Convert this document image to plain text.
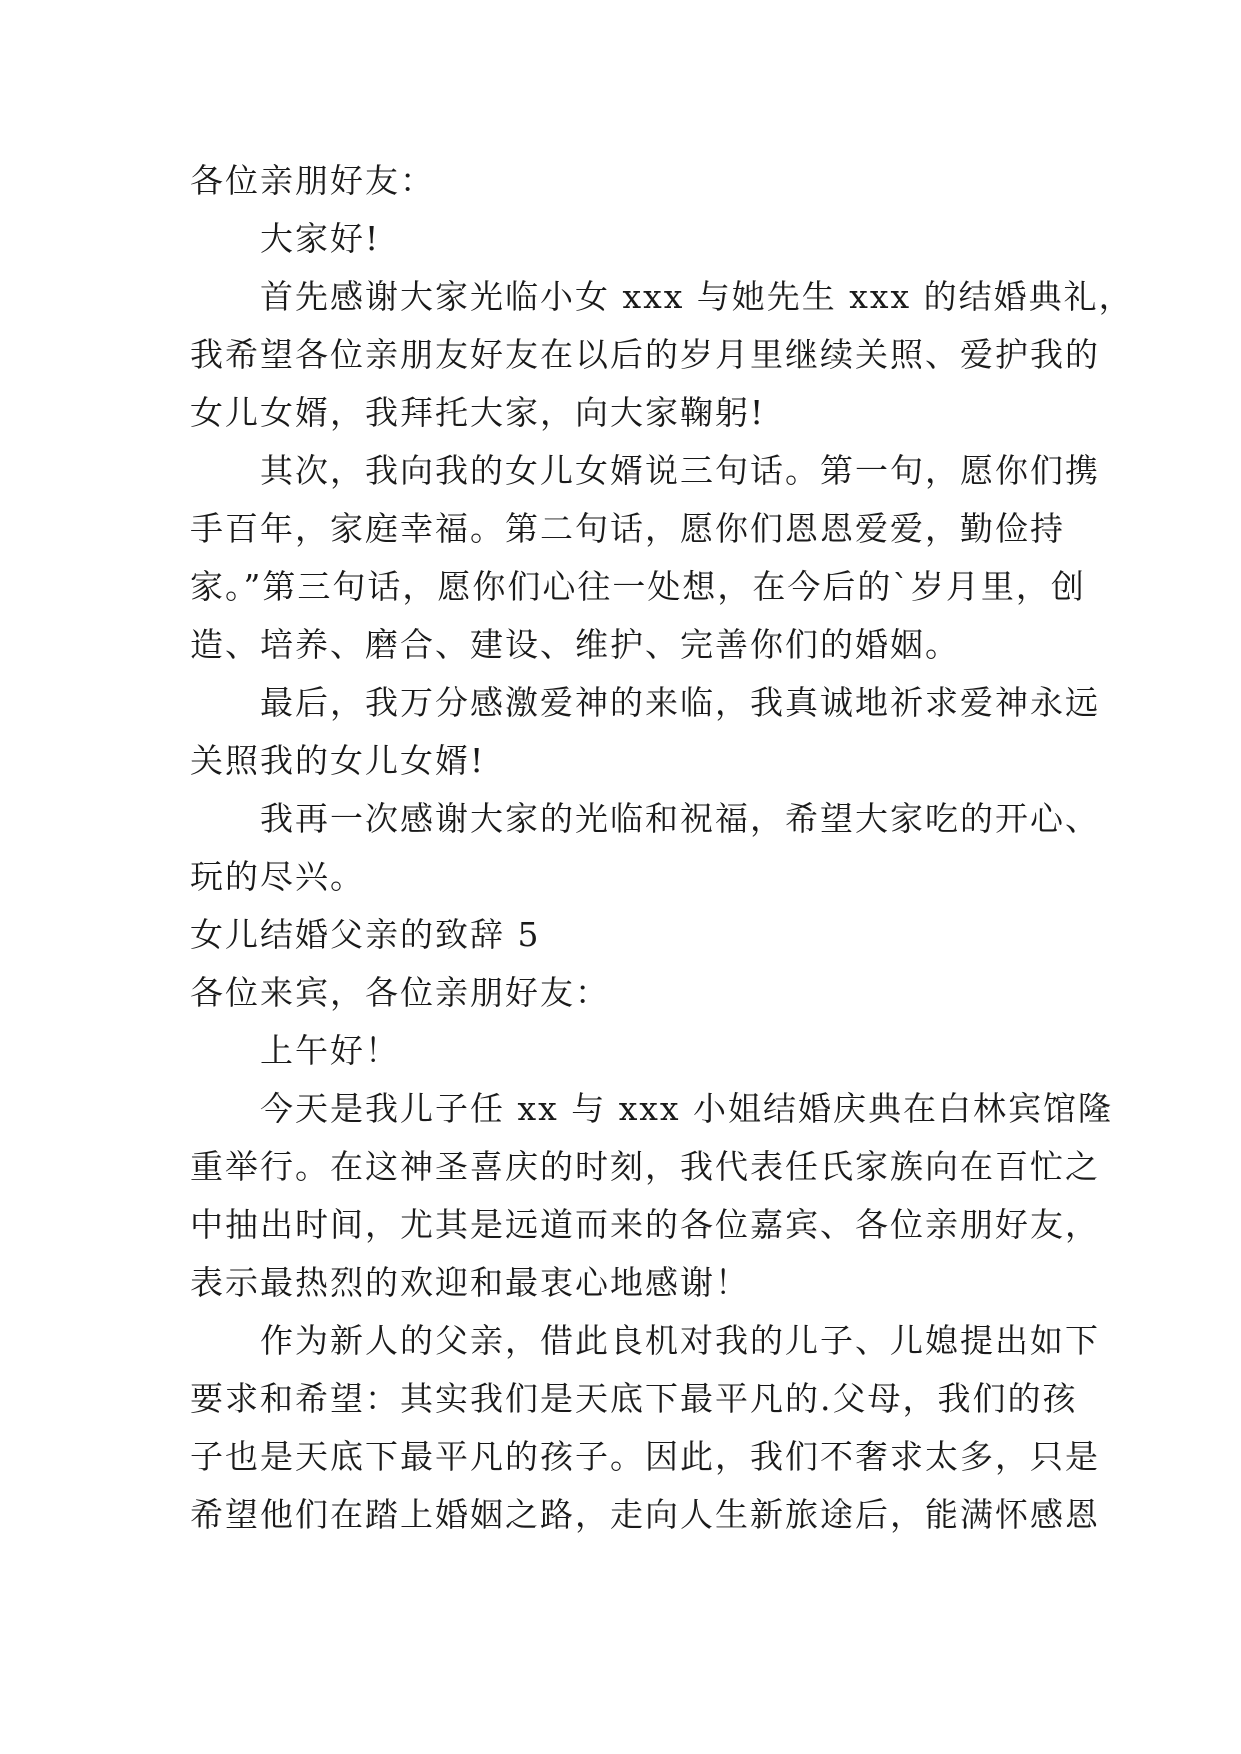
各位亲朋好友：
大家好!
首先感谢大家光临小女 xxx 与她先生 xxx 的结婚典礼，
我希望各位亲朋友好友在以后的岁月里继续关照、爱护我的
女儿女婿，我拜托大家，向大家鞠躬!
其次，我向我的女儿女婿说三句话。第一句，愿你们携
手百年，家庭幸福。第二句话，愿你们恩恩爱爱，勤俭持
家。”第三句话，愿你们心往一处想，在今后的`岁月里，创
造、培养、磨合、建设、维护、完善你们的婚姻。
最后，我万分感激爱神的来临，我真诚地祈求爱神永远
关照我的女儿女婿!
我再一次感谢大家的光临和祝福，希望大家吃的开心、
玩的尽兴。
女儿结婚父亲的致辞 5
各位来宾，各位亲朋好友：
上午好！
今天是我儿子任 xx 与 xxx 小姐结婚庆典在白林宾馆隆
重举行。在这神圣喜庆的时刻，我代表任氏家族向在百忙之
中抽出时间，尤其是远道而来的各位嘉宾、各位亲朋好友，
表示最热烈的欢迎和最衷心地感谢！
作为新人的父亲，借此良机对我的儿子、儿媳提出如下
要求和希望：其实我们是天底下最平凡的.父母，我们的孩
子也是天底下最平凡的孩子。因此，我们不奢求太多，只是
希望他们在踏上婚姻之路，走向人生新旅途后，能满怀感恩
